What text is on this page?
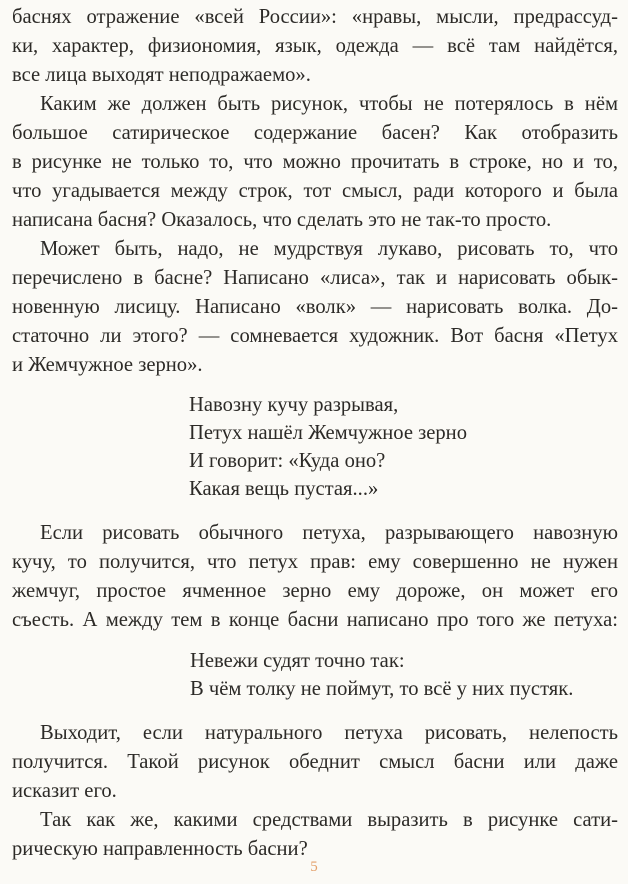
баснях отражение «всей России»: «нравы, мысли, предрассуд-

ки, характер, физиономия, язык, одежда — всё там найдётся,

все лица выходят неподражаемо».

Каким же должен быть рисунок, чтобы не потерялось в нём

большое сатирическое содержание басен? Как отобразить

в рисунке не только то, что можно прочитать в строке, но и то,

что угадывается между строк, тот смысл, ради которого и была

написана басня? Оказалось, что сделать это не так-то просто.

Может быть, надо, не мудрствуя лукаво, рисовать то, что

перечислено в басне? Написано «лиса», так и нарисовать обык-

новенную лисицу. Написано «волк» — нарисовать волка. До-

статочно ли этого? — сомневается художник. Вот басня «Петух

и Жемчужное зерно».

Навозну кучу разрывая,

Петух нашёл Жемчужное зерно

И говорит: «Куда оно?

Какая вещь пустая...»

Если рисовать обычного петуха, разрывающего навозную

кучу, то получится, что петух прав: ему совершенно не нужен

жемчуг, простое ячменное зерно ему дороже, он может его

съесть. А между тем в конце басни написано про того же петуха:

Невежи судят точно так:

В чём толку не поймут, то всё у них пустяк.

Выходит, если натурального петуха рисовать, нелепость

получится. Такой рисунок обеднит смысл басни или даже

исказит его.

Так как же, какими средствами выразить в рисунке сати-

рическую направленность басни?

5
